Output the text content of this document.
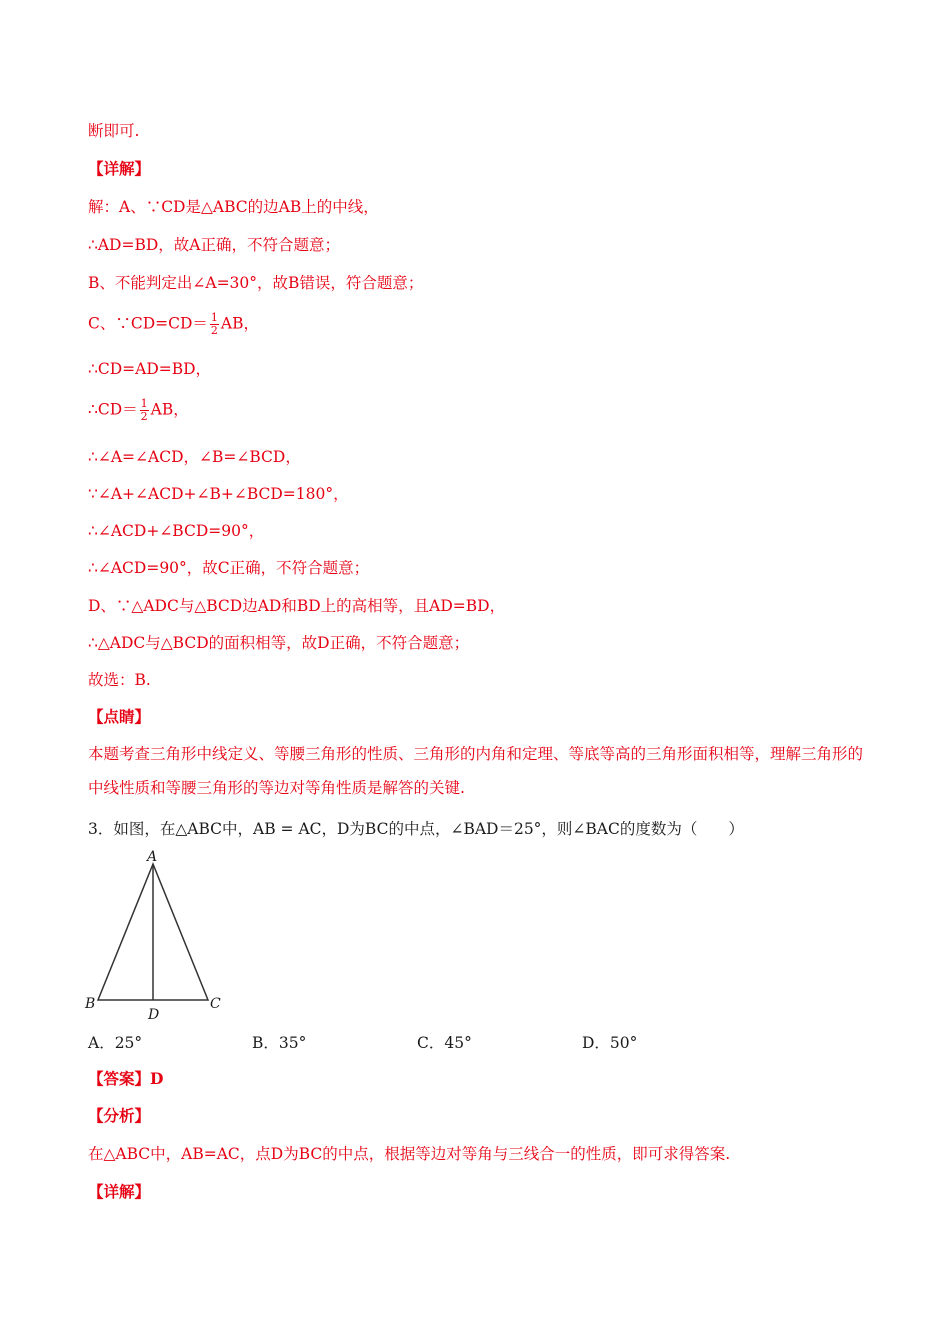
断即可.
【详解】
解：A、∵CD是△ABC的边AB上的中线，
∴AD=BD，故A正确，不符合题意；
B、不能判定出∠A=30°，故B错误，符合题意；
C、∵CD=CD＝ $\frac{1}{2}$ AB，
∴CD=AD=BD，
∴CD＝ $\frac{1}{2}$ AB，
∴∠A=∠ACD，∠B=∠BCD，
∵∠A+∠ACD+∠B+∠BCD=180°，
∴∠ACD+∠BCD=90°，
∴∠ACD=90°，故C正确，不符合题意；
D、∵△ADC与△BCD边AD和BD上的高相等，且AD=BD，
∴△ADC与△BCD的面积相等，故D正确，不符合题意；
故选：B.
【点睛】
本题考查三角形中线定义、等腰三角形的性质、三角形的内角和定理、等底等高的三角形面积相等，理解三角形的中线性质和等腰三角形的等边对等角性质是解答的关键.
3．如图，在△ABC中，AB = AC，D为BC的中点，∠BAD＝25°，则∠BAC的度数为（　　）
A
B	C
D
A．25°	B．35°	C．45°	D．50°
【答案】D
【分析】
在△ABC中，AB=AC，点D为BC的中点，根据等边对等角与三线合一的性质，即可求得答案.
【详解】
